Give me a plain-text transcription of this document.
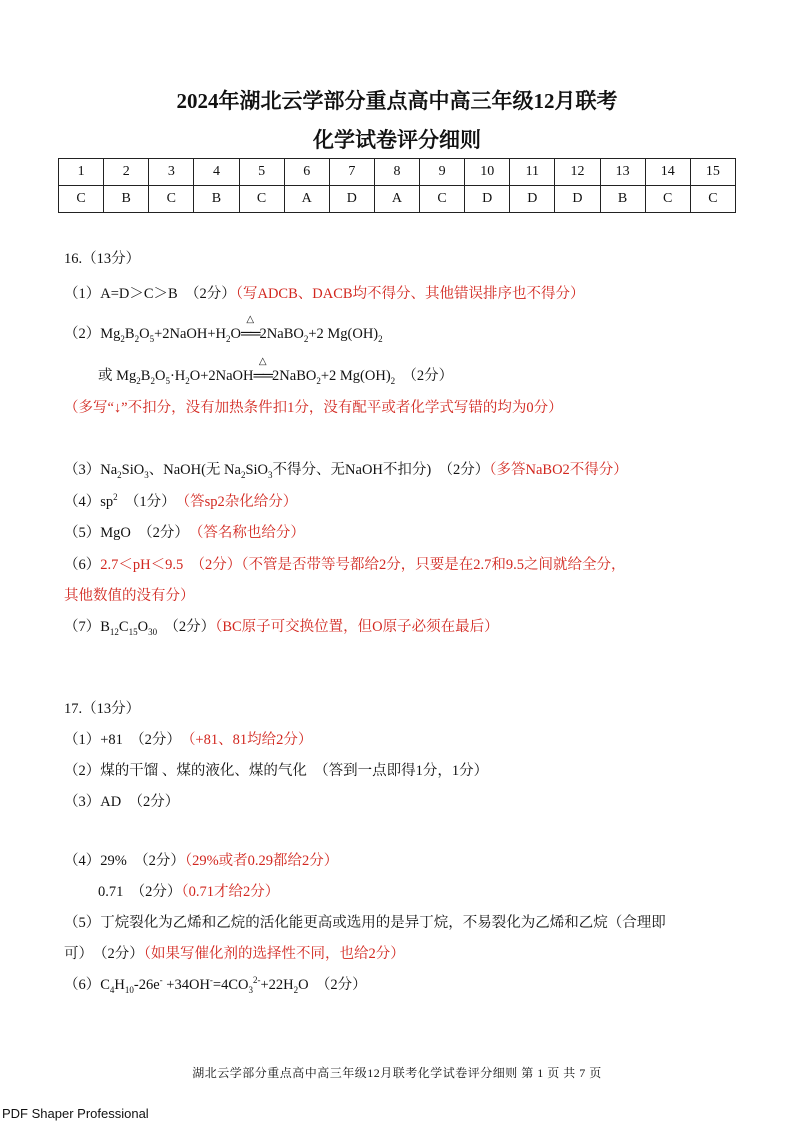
2024年湖北云学部分重点高中高三年级12月联考
化学试卷评分细则
1	2	3	4	5	6	7	8	9	10	11	12	13	14	15
C	B	C	B	C	A	D	A	C	D	D	D	B	C	C
16.（13分）
（1）A=D＞C＞B　（2分）（写ADCB、DACB均不得分、其他错误排序也不得分）
$(2)Mg_2B_2O_5+2NaOH+H_2O$
△
══2NaBO$_2$+2 $Mg(OH)_2$
或 $Mg_2B_2O_5\cdot H_2O+2NaOH$
△
══2NaBO$_2$+2 $Mg(OH)_2$　（2分）
（多写“↓”不扣分，没有加热条件扣1分，没有配平或者化学式写错的均为0分）
$(3)Na_2SiO_3$、NaOH(无 $Na_2SiO_3$不得分、无NaOH不扣分)　（2分）（多答NaBO2不得分）
$(4)sp^2$　（1分）　 （答sp2杂化给分）
（5）MgO　（2分）　 （答名称也给分）
（6）2.7＜pH＜9.5　（2分）（不管是否带等号都给2分，只要是在2.7和9.5之间就给全分，
其他数值的没有分）
$(7)B_{12}C_{15}O_{30}$　（2分）（BC原子可交换位置，但O原子必须在最后）
17.（13分）
（1）+81　（2分）　 （+81、81均给2分）
（2）煤的干馏 、煤的液化、煤的气化　（答到一点即得1分，1分）
（3）AD　（2分）
（4）29%　（2分）（29%或者0.29都给2分）
0.71　（2分）（0.71才给2分）
（5）丁烷裂化为乙烯和乙烷的活化能更高或选用的是异丁烷，不易裂化为乙烯和乙烷（合理即
可）　（2分）（如果写催化剂的选择性不同，也给2分）
$(6)C_4H_{10}-26e^- +34OH^-=4CO_3^{2-}+22H_2O$　（2分）
湖北云学部分重点高中高三年级12月联考化学试卷评分细则 第 1 页 共 7 页
PDF Shaper Professional
